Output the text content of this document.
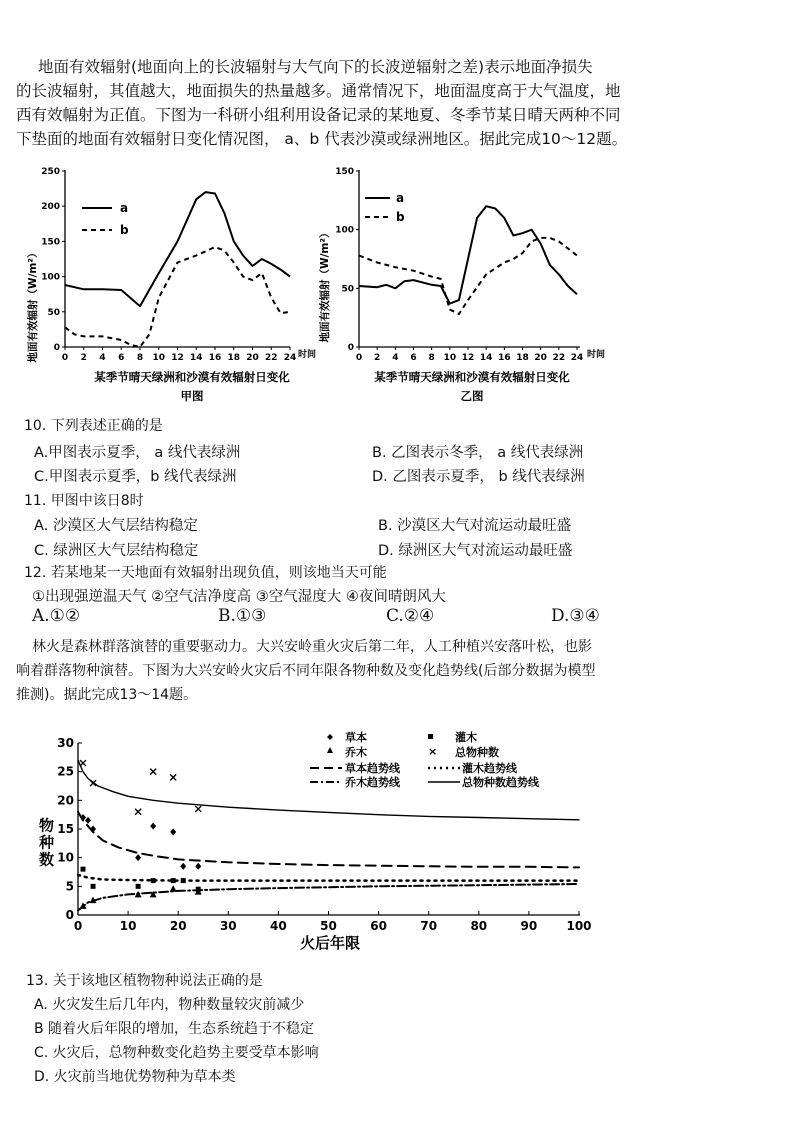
地面有效辐射(地面向上的长波辐射与大气向下的长波逆辐射之差)表示地面净损失
的长波辐射，其值越大，地面损失的热量越多。通常情况下，地面温度高于大气温度，地
西有效幅射为正值。下图为一科研小组利用设备记录的某地夏、冬季节某日晴天两种不同
下垫面的地面有效辐射日变化情况图， a、b 代表沙漠或绿洲地区。据此完成10～12题。
地面有效辐射（W/m²）	0 2 4 6 8 10 12 14 16 18 20 22 24
0
50
100
150
200
250
时间
a
b
某季节晴天绿洲和沙漠有效辐射日变化
甲图
地面有效辐射（W/m²）
0 2 4 6 8 10 12 14 16 18 20 22 24
0
50
100
150
时间
a
b
某季节晴天绿洲和沙漠有效辐射日变化
乙图
10. 下列表述正确的是
A.甲图表示夏季， a 线代表绿洲	B. 乙图表示冬季， a 线代表绿洲
C.甲图表示夏季，b 线代表绿洲	D. 乙图表示夏季， b 线代表绿洲
11. 甲图中该日8时
A. 沙漠区大气层结构稳定	B. 沙漠区大气对流运动最旺盛
C. 绿洲区大气层结构稳定	D. 绿洲区大气对流运动最旺盛
12. 若某地某一天地面有效辐射出现负值，则该地当天可能
①出现强逆温天气 ②空气洁净度高 ③空气湿度大 ④夜间晴朗风大
A.①②	B.①③	C.②④	D.③④
林火是森林群落演替的重要驱动力。大兴安岭重火灾后第二年，人工种植兴安落叶松，也影
响着群落物种演替。下图为大兴安岭火灾后不同年限各物种数及变化趋势线(后部分数据为模型
推测)。据此完成13～14题。
0	10	20	30	40	50	60	70	80	90 100
0
5
10
15
20
25
30
物种数
火后年限
草本	灌木
乔木	× 总物种数
草本趋势线	灌木趋势线
乔木趋势线	总物种数趋势线
13. 关于该地区植物物种说法正确的是
A. 火灾发生后几年内，物种数量较灾前减少
B 随着火后年限的增加，生态系统趋于不稳定
C. 火灾后，总物种数变化趋势主要受草本影响
D. 火灾前当地优势物种为草本类
